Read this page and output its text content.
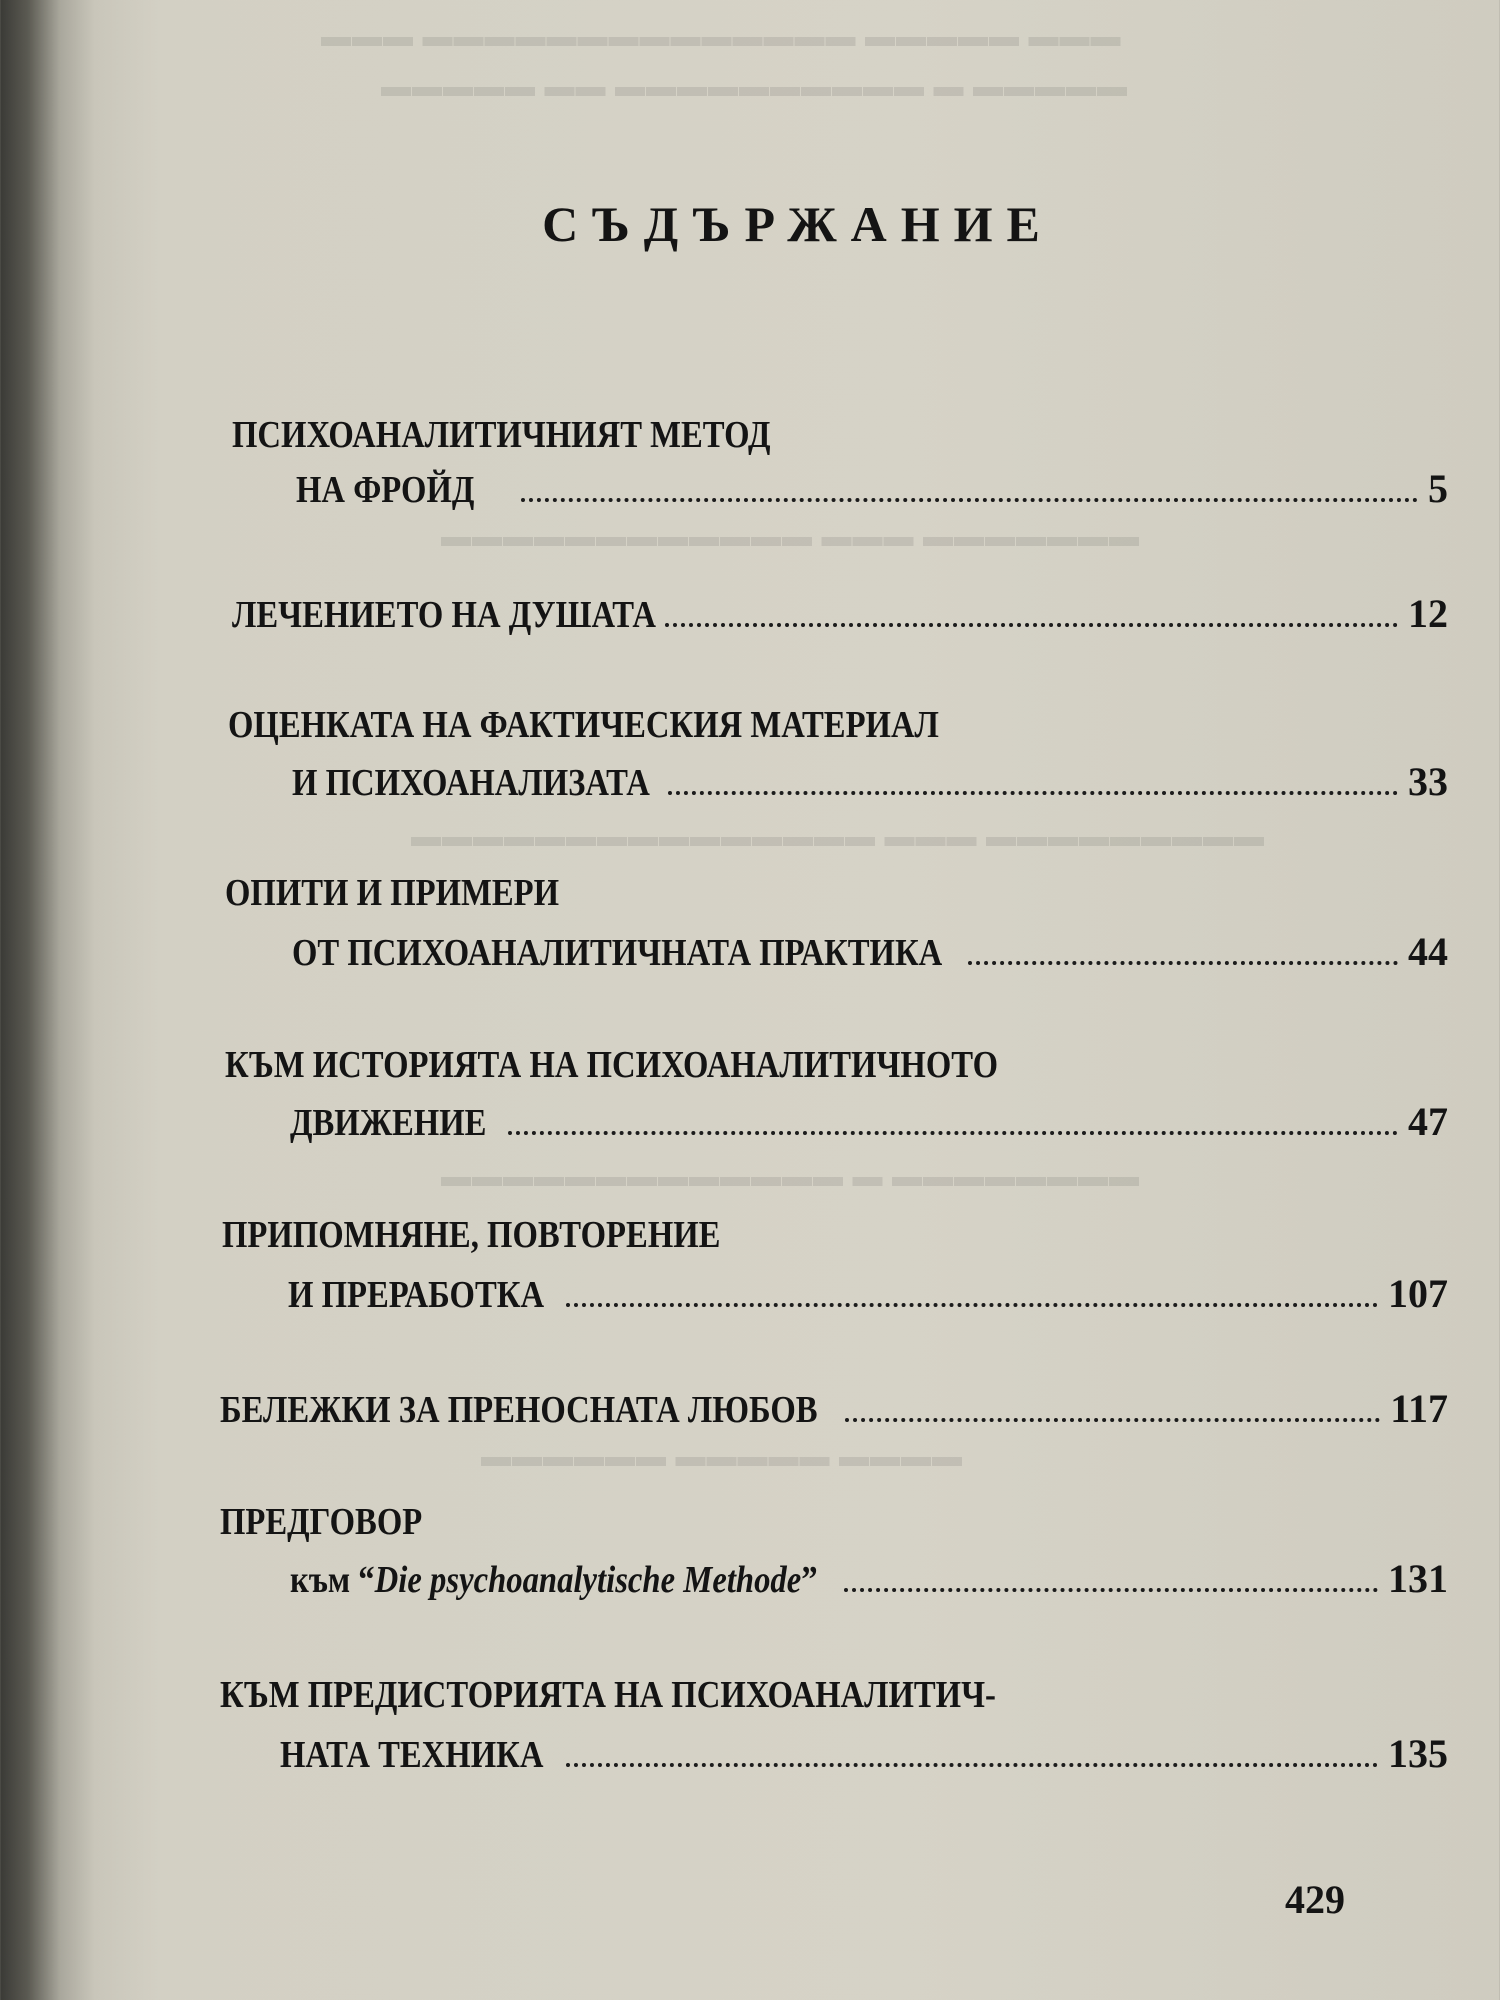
▬▬▬ ▬▬▬▬▬ ▬▬▬▬▬▬▬▬▬▬▬▬▬▬ ▬▬▬
▬▬▬▬▬ ▬ ▬▬▬▬▬▬▬▬▬▬ ▬▬ ▬▬▬▬▬
▬▬▬▬▬▬▬ ▬▬▬ ▬▬▬▬▬▬▬▬▬▬▬▬
▬▬▬▬▬▬▬▬▬ ▬▬▬ ▬▬▬▬▬▬▬▬▬▬▬▬▬▬▬
▬▬▬▬▬▬▬▬ ▬ ▬▬▬▬▬▬▬▬▬▬▬▬▬
▬▬▬▬ ▬▬▬▬▬ ▬▬▬▬▬▬
СЪДЪРЖАНИЕ
ПСИХОАНАЛИТИЧНИЯТ МЕТОД
НА ФРОЙД	5
ЛЕЧЕНИЕТО НА ДУШАТА	12
ОЦЕНКАТА НА ФАКТИЧЕСКИЯ МАТЕРИАЛ
И ПСИХОАНАЛИЗАТА	33
ОПИТИ И ПРИМЕРИ
ОТ ПСИХОАНАЛИТИЧНАТА ПРАКТИКА	44
КЪМ ИСТОРИЯТА НА ПСИХОАНАЛИТИЧНОТО
ДВИЖЕНИЕ	47
ПРИПОМНЯНЕ, ПОВТОРЕНИЕ
И ПРЕРАБОТКА	107
БЕЛЕЖКИ ЗА ПРЕНОСНАТА ЛЮБОВ	117
ПРЕДГОВОР
към “Die psychoanalytische Methode”	131
КЪМ ПРЕДИСТОРИЯТА НА ПСИХОАНАЛИТИЧ-
НАТА ТЕХНИКА	135
429
